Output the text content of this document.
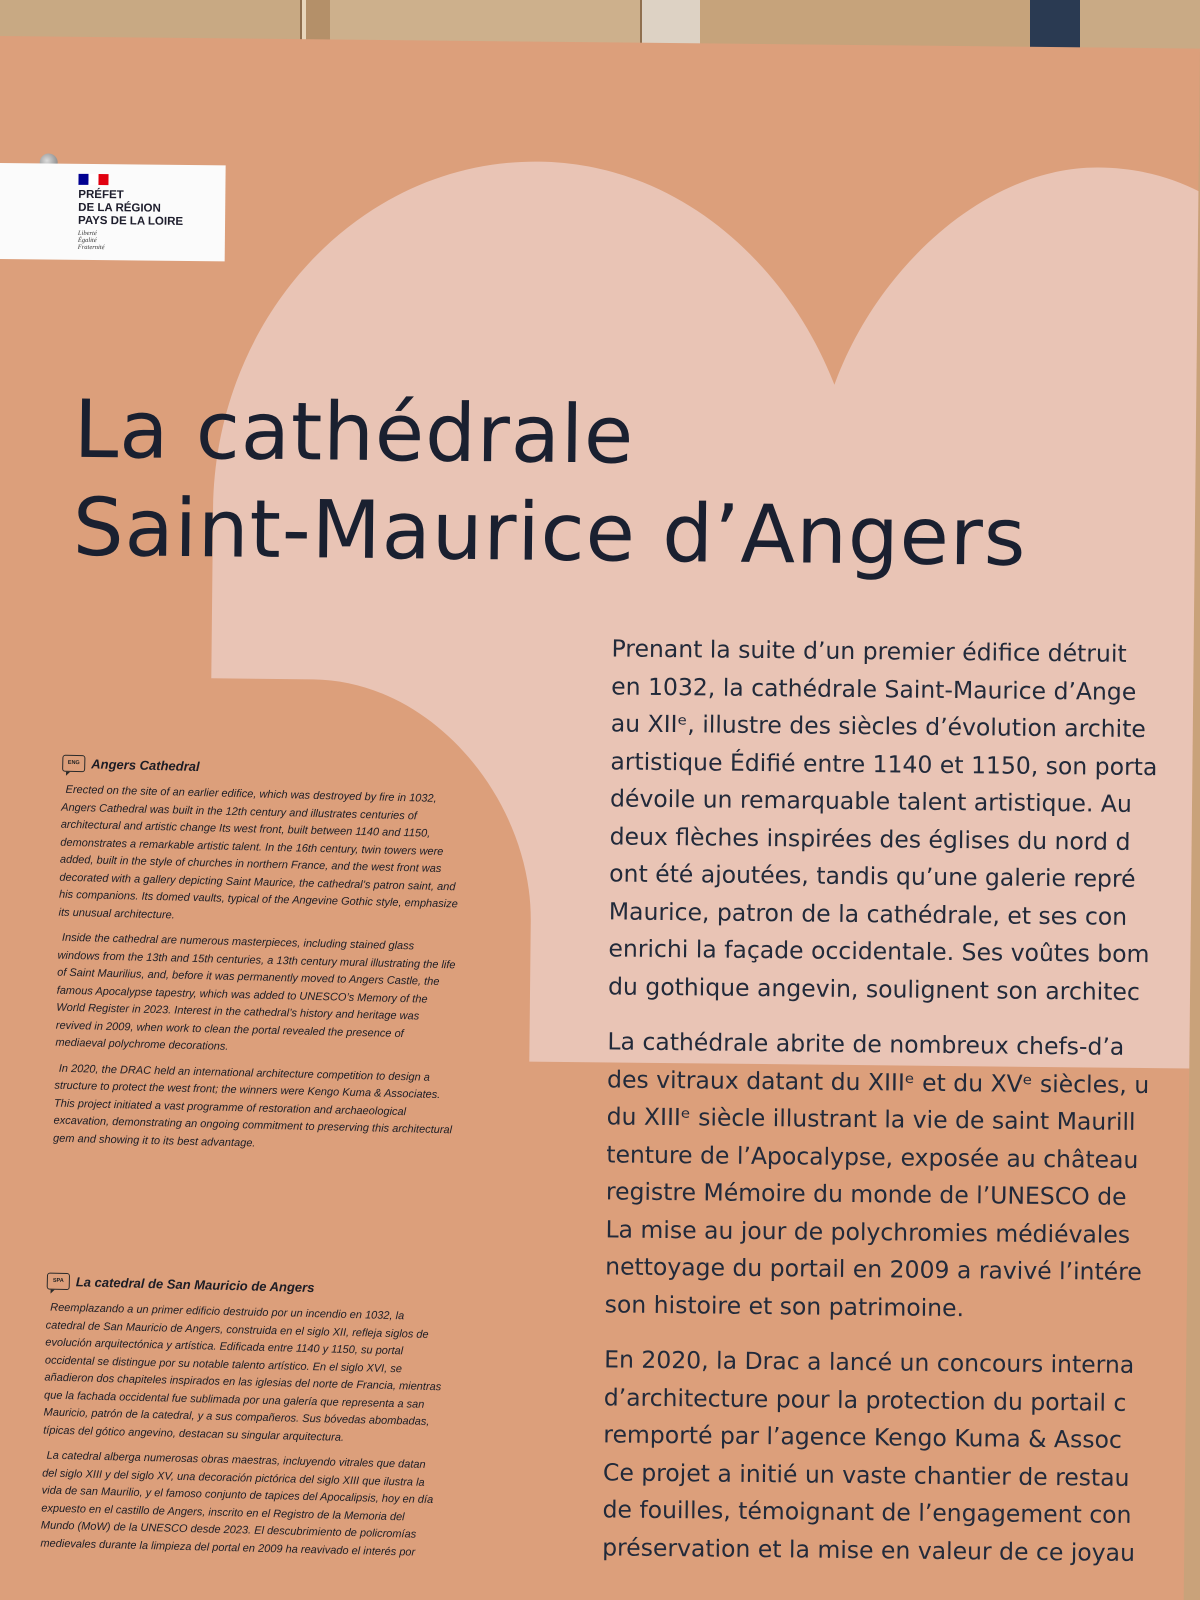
PRÉFET
DE LA RÉGION
PAYS DE LA LOIRE
Liberté
Égalité
Fraternité
La cathédrale
Saint-Maurice d’Angers

Prenant la suite d’un premier édifice détruit
en 1032, la cathédrale Saint-Maurice d’Ange
au XIIᵉ, illustre des siècles d’évolution archite
artistique Édifié entre 1140 et 1150, son porta
dévoile un remarquable talent artistique. Au
deux flèches inspirées des églises du nord d
ont été ajoutées, tandis qu’une galerie repré
Maurice, patron de la cathédrale, et ses con
enrichi la façade occidentale. Ses voûtes bom
du gothique angevin, soulignent son architec

La cathédrale abrite de nombreux chefs-d’a
des vitraux datant du XIIIᵉ et du XVᵉ siècles, u
du XIIIᵉ siècle illustrant la vie de saint Maurill
tenture de l’Apocalypse, exposée au château
registre Mémoire du monde de l’UNESCO de
La mise au jour de polychromies médiévales
nettoyage du portail en 2009 a ravivé l’intére
son histoire et son patrimoine.

En 2020, la Drac a lancé un concours interna
d’architecture pour la protection du portail c
remporté par l’agence Kengo Kuma & Assoc
Ce projet a initié un vaste chantier de restau
de fouilles, témoignant de l’engagement con
préservation et la mise en valeur de ce joyau

ENG Angers Cathedral

Erected on the site of an earlier edifice, which was destroyed by fire in 1032, Angers Cathedral was built in the 12th century and illustrates centuries of architectural and artistic change Its west front, built between 1140 and 1150, demonstrates a remarkable artistic talent. In the 16th century, twin towers were added, built in the style of churches in northern France, and the west front was decorated with a gallery depicting Saint Maurice, the cathedral’s patron saint, and his companions. Its domed vaults, typical of the Angevine Gothic style, emphasize its unusual architecture.

Inside the cathedral are numerous masterpieces, including stained glass windows from the 13th and 15th centuries, a 13th century mural illustrating the life of Saint Maurilius, and, before it was permanently moved to Angers Castle, the famous Apocalypse tapestry, which was added to UNESCO’s Memory of the World Register in 2023. Interest in the cathedral’s history and heritage was revived in 2009, when work to clean the portal revealed the presence of mediaeval polychrome decorations.

In 2020, the DRAC held an international architecture competition to design a structure to protect the west front; the winners were Kengo Kuma & Associates. This project initiated a vast programme of restoration and archaeological excavation, demonstrating an ongoing commitment to preserving this architectural gem and showing it to its best advantage.

SPA La catedral de San Mauricio de Angers

Reemplazando a un primer edificio destruido por un incendio en 1032, la catedral de San Mauricio de Angers, construida en el siglo XII, refleja siglos de evolución arquitectónica y artística. Edificada entre 1140 y 1150, su portal occidental se distingue por su notable talento artístico. En el siglo XVI, se añadieron dos chapiteles inspirados en las iglesias del norte de Francia, mientras que la fachada occidental fue sublimada por una galería que representa a san Mauricio, patrón de la catedral, y a sus compañeros. Sus bóvedas abombadas, típicas del gótico angevino, destacan su singular arquitectura.

La catedral alberga numerosas obras maestras, incluyendo vitrales que datan del siglo XIII y del siglo XV, una decoración pictórica del siglo XIII que ilustra la vida de san Maurilio, y el famoso conjunto de tapices del Apocalipsis, hoy en día expuesto en el castillo de Angers, inscrito en el Registro de la Memoria del Mundo (MoW) de la UNESCO desde 2023. El descubrimiento de policromías medievales durante la limpieza del portal en 2009 ha reavivado el interés por
